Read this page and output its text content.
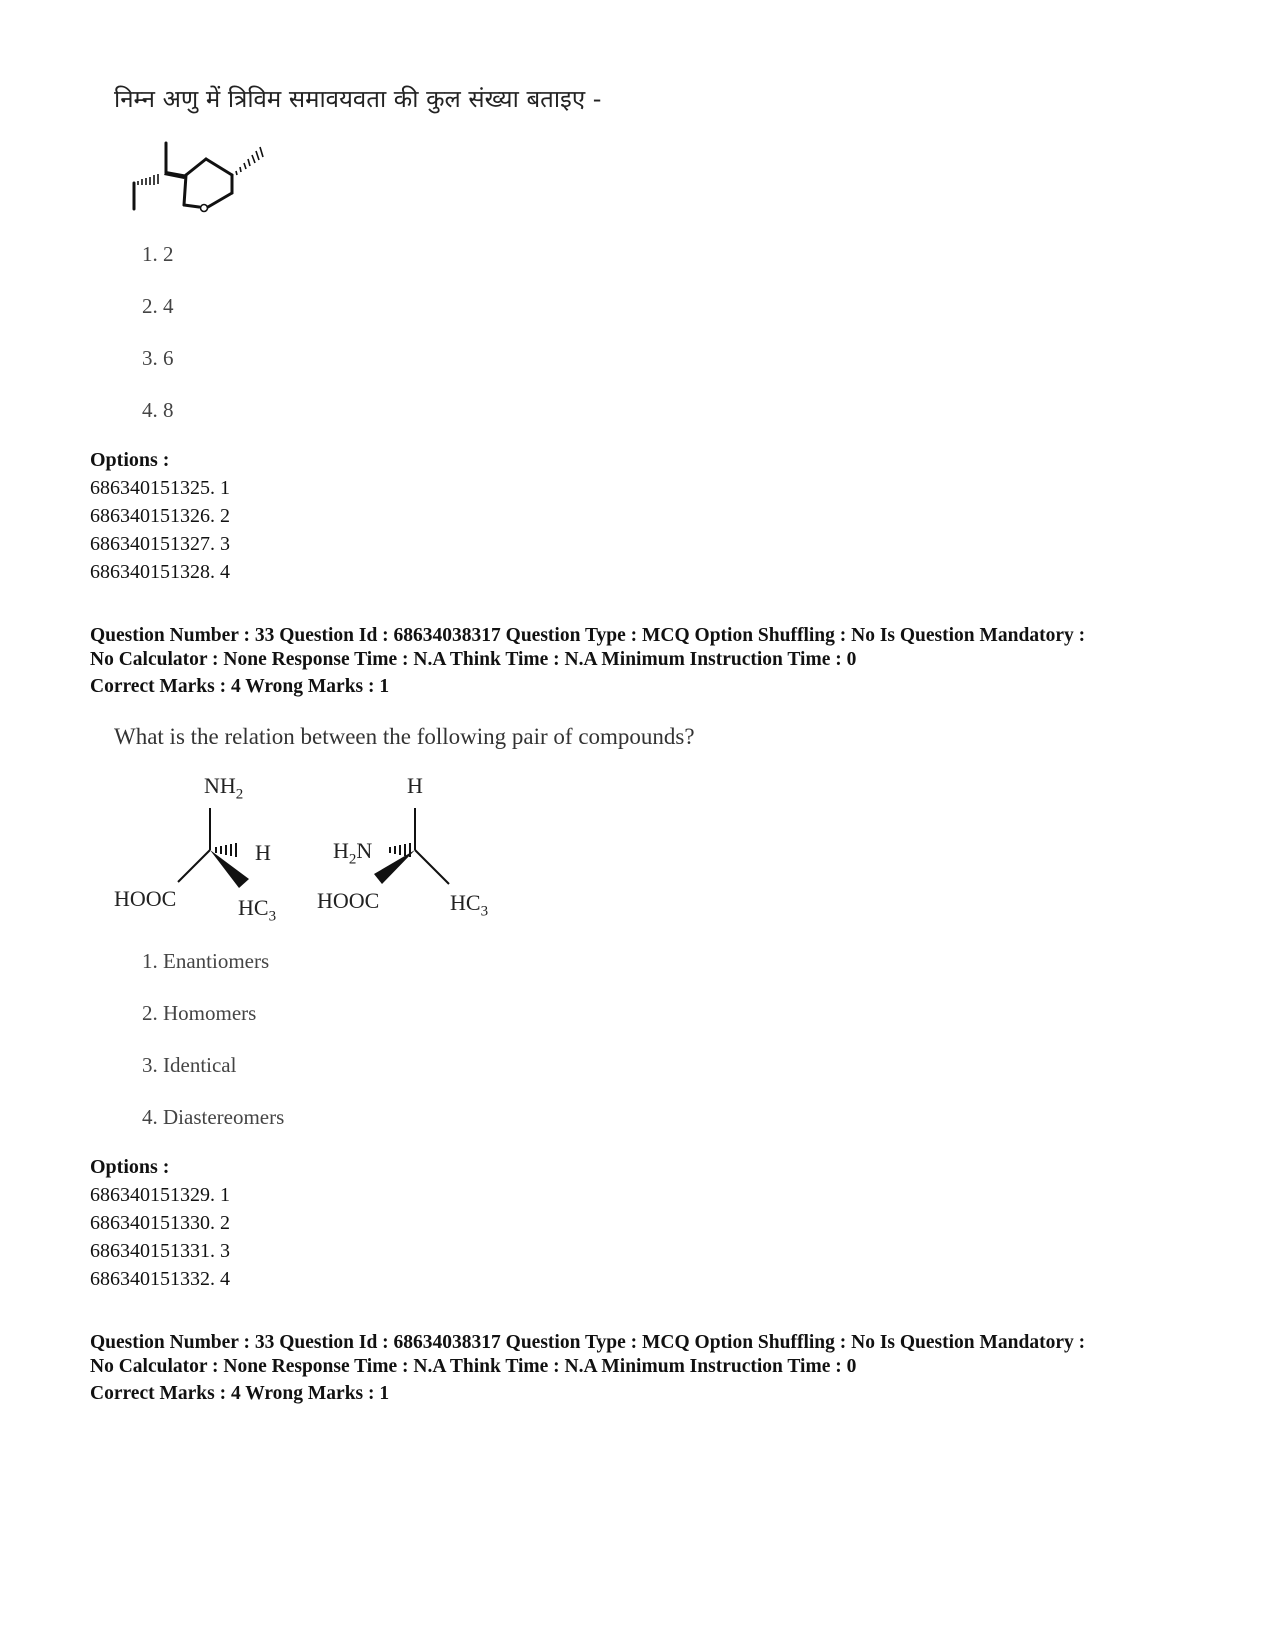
निम्न अणु में त्रिविम समावयवता की कुल संख्या बताइए -
1. 2
2. 4
3. 6
4. 8
Options :
686340151325. 1
686340151326. 2
686340151327. 3
686340151328. 4
Question Number : 33 Question Id : 68634038317 Question Type : MCQ Option Shuffling : No Is Question Mandatory :
No Calculator : None Response Time : N.A Think Time : N.A Minimum Instruction Time : 0
Correct Marks : 4 Wrong Marks : 1
What is the relation between the following pair of compounds?
$NH_2$
H
HOOC	$HC_3$
H
$H_2N$
HOOC	$HC_3$
1. Enantiomers
2. Homomers
3. Identical
4. Diastereomers
Options :
686340151329. 1
686340151330. 2
686340151331. 3
686340151332. 4
Question Number : 33 Question Id : 68634038317 Question Type : MCQ Option Shuffling : No Is Question Mandatory :
No Calculator : None Response Time : N.A Think Time : N.A Minimum Instruction Time : 0
Correct Marks : 4 Wrong Marks : 1
